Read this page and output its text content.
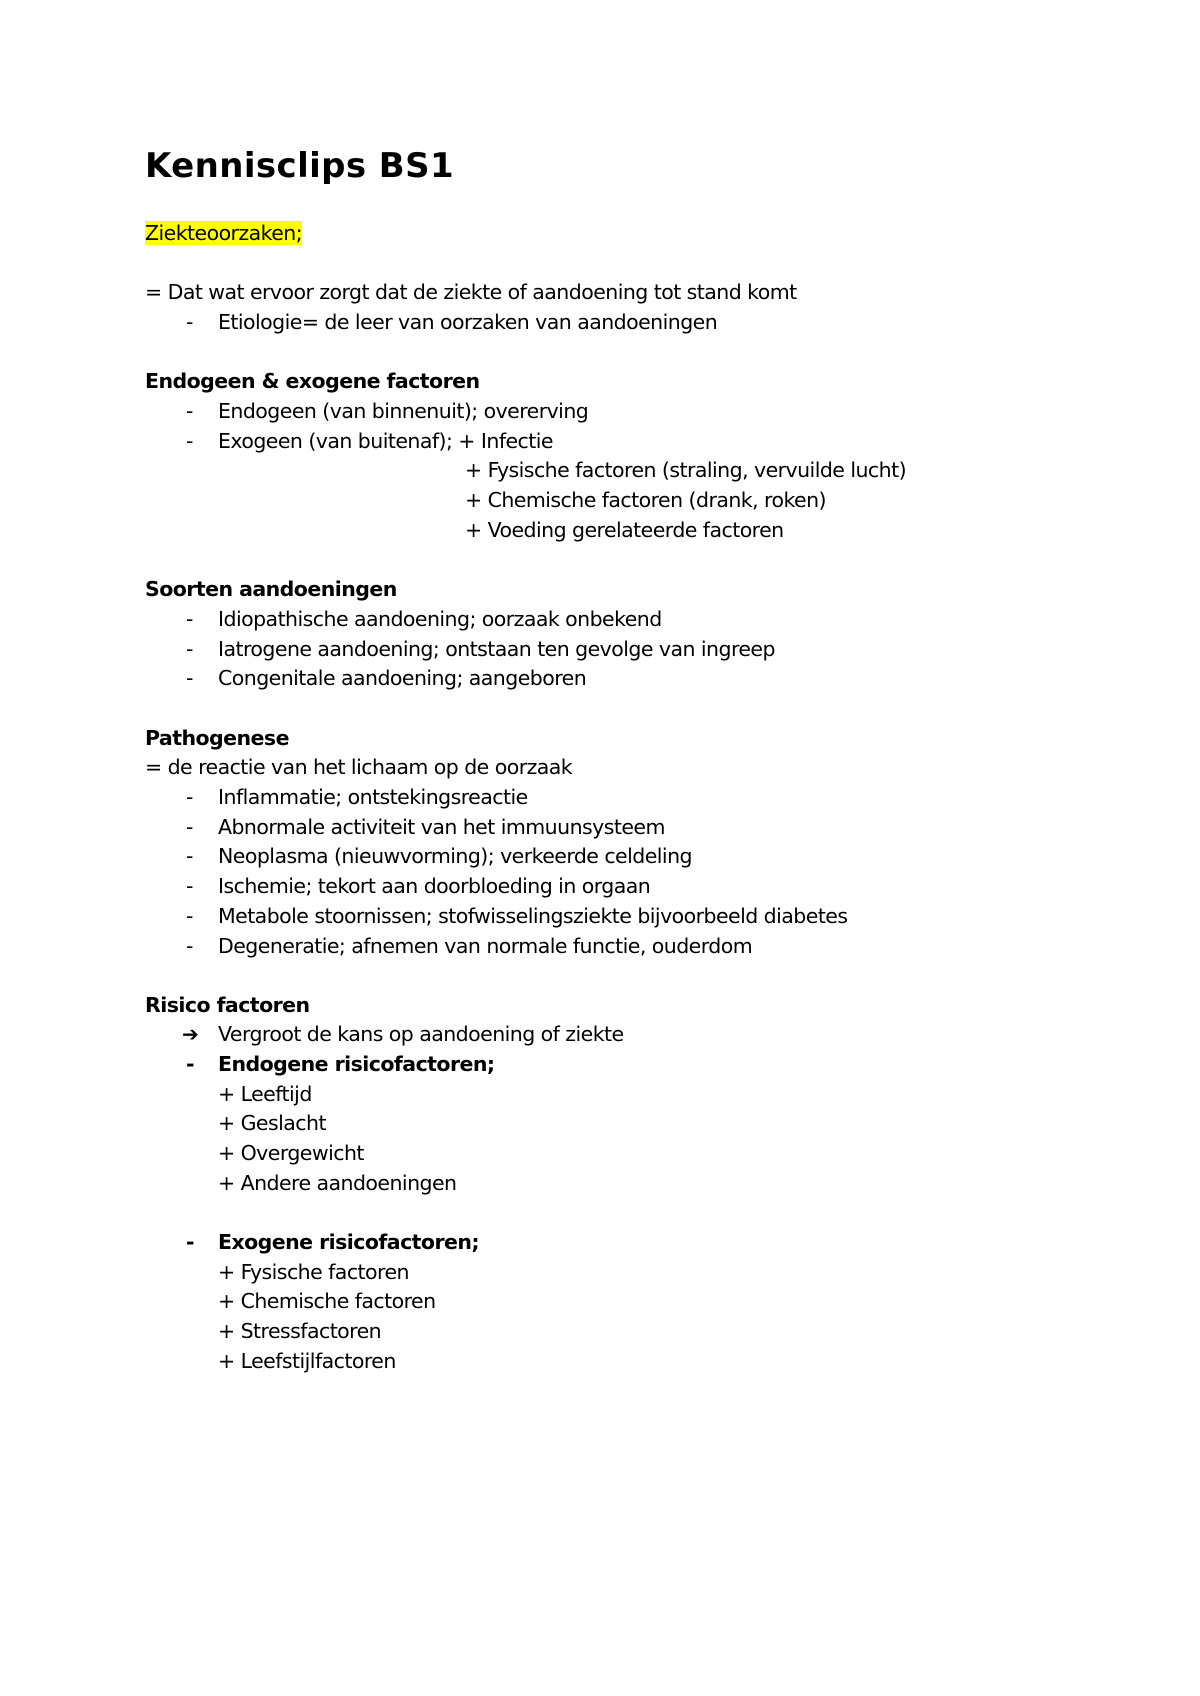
Kennisclips BS1
Ziekteoorzaken;
= Dat wat ervoor zorgt dat de ziekte of aandoening tot stand komt
- Etiologie= de leer van oorzaken van aandoeningen
Endogeen & exogene factoren
- Endogeen (van binnenuit); overerving
- Exogeen (van buitenaf); + Infectie
+ Fysische factoren (straling, vervuilde lucht)
+ Chemische factoren (drank, roken)
+ Voeding gerelateerde factoren
Soorten aandoeningen
- Idiopathische aandoening; oorzaak onbekend
- Iatrogene aandoening; ontstaan ten gevolge van ingreep
- Congenitale aandoening; aangeboren
Pathogenese
= de reactie van het lichaam op de oorzaak
- Inflammatie; ontstekingsreactie
- Abnormale activiteit van het immuunsysteem
- Neoplasma (nieuwvorming); verkeerde celdeling
- Ischemie; tekort aan doorbloeding in orgaan
- Metabole stoornissen; stofwisselingsziekte bijvoorbeeld diabetes
- Degeneratie; afnemen van normale functie, ouderdom
Risico factoren
➔ Vergroot de kans op aandoening of ziekte
- Endogene risicofactoren;
+ Leeftijd
+ Geslacht
+ Overgewicht
+ Andere aandoeningen
- Exogene risicofactoren;
+ Fysische factoren
+ Chemische factoren
+ Stressfactoren
+ Leefstijlfactoren
